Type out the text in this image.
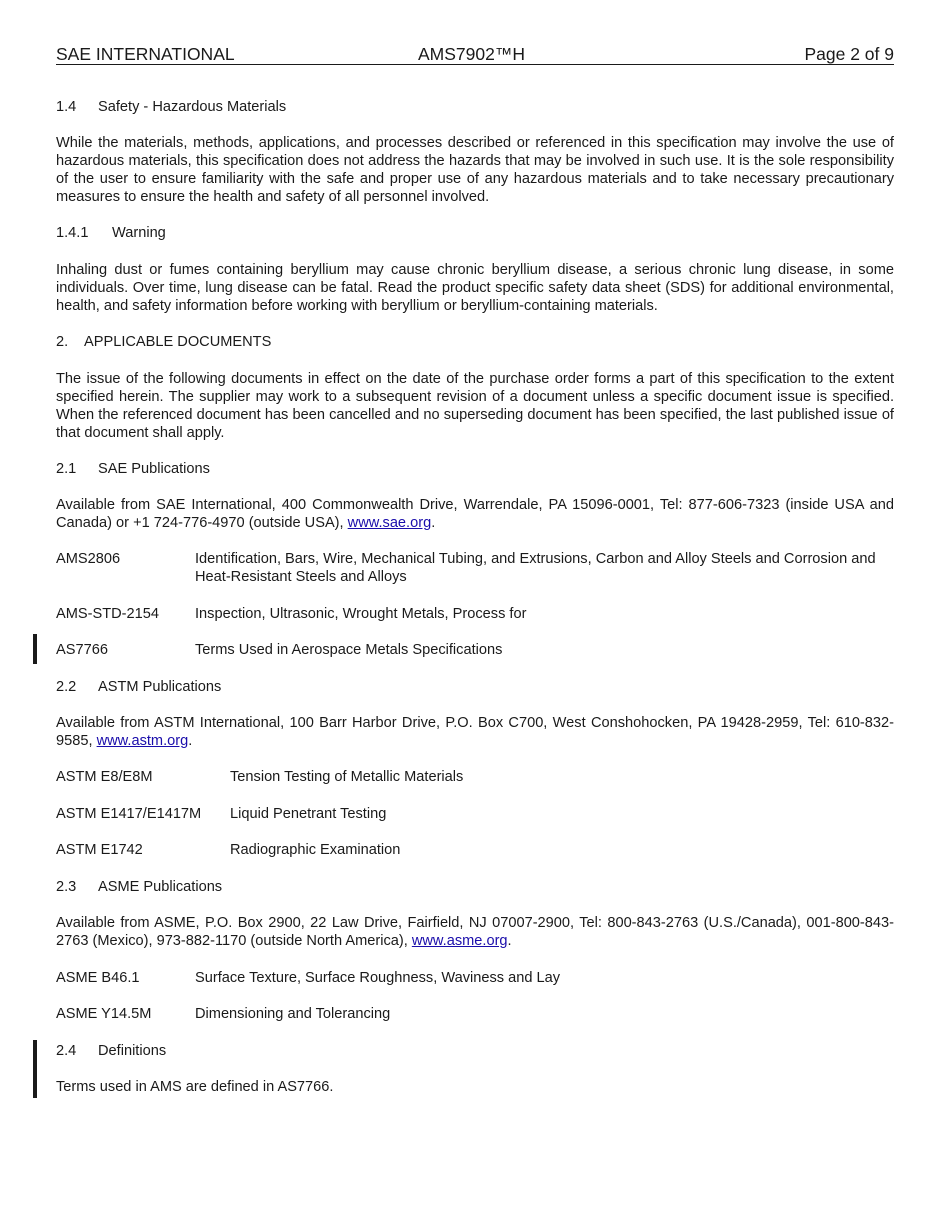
SAE INTERNATIONAL	AMS7902™H	Page 2 of 9
1.4 Safety - Hazardous Materials
While the materials, methods, applications, and processes described or referenced in this specification may involve the use of hazardous materials, this specification does not address the hazards that may be involved in such use. It is the sole responsibility of the user to ensure familiarity with the safe and proper use of any hazardous materials and to take necessary precautionary measures to ensure the health and safety of all personnel involved.
1.4.1 Warning
Inhaling dust or fumes containing beryllium may cause chronic beryllium disease, a serious chronic lung disease, in some individuals. Over time, lung disease can be fatal. Read the product specific safety data sheet (SDS) for additional environmental, health, and safety information before working with beryllium or beryllium-containing materials.
2. APPLICABLE DOCUMENTS
The issue of the following documents in effect on the date of the purchase order forms a part of this specification to the extent specified herein. The supplier may work to a subsequent revision of a document unless a specific document issue is specified. When the referenced document has been cancelled and no superseding document has been specified, the last published issue of that document shall apply.
2.1 SAE Publications
Available from SAE International, 400 Commonwealth Drive, Warrendale, PA 15096-0001, Tel: 877-606-7323 (inside USA and Canada) or +1 724-776-4970 (outside USA), www.sae.org.
AMS2806	Identification, Bars, Wire, Mechanical Tubing, and Extrusions, Carbon and Alloy Steels and Corrosion and Heat-Resistant Steels and Alloys
AMS-STD-2154 Inspection, Ultrasonic, Wrought Metals, Process for
AS7766	Terms Used in Aerospace Metals Specifications
2.2 ASTM Publications
Available from ASTM International, 100 Barr Harbor Drive, P.O. Box C700, West Conshohocken, PA 19428-2959, Tel: 610-832-9585, www.astm.org.
ASTM E8/E8M	Tension Testing of Metallic Materials
ASTM E1417/E1417M Liquid Penetrant Testing
ASTM E1742	Radiographic Examination
2.3 ASME Publications
Available from ASME, P.O. Box 2900, 22 Law Drive, Fairfield, NJ 07007-2900, Tel: 800-843-2763 (U.S./Canada), 001-800-843-2763 (Mexico), 973-882-1170 (outside North America), www.asme.org.
ASME B46.1	Surface Texture, Surface Roughness, Waviness and Lay
ASME Y14.5M	Dimensioning and Tolerancing
2.4 Definitions
Terms used in AMS are defined in AS7766.
